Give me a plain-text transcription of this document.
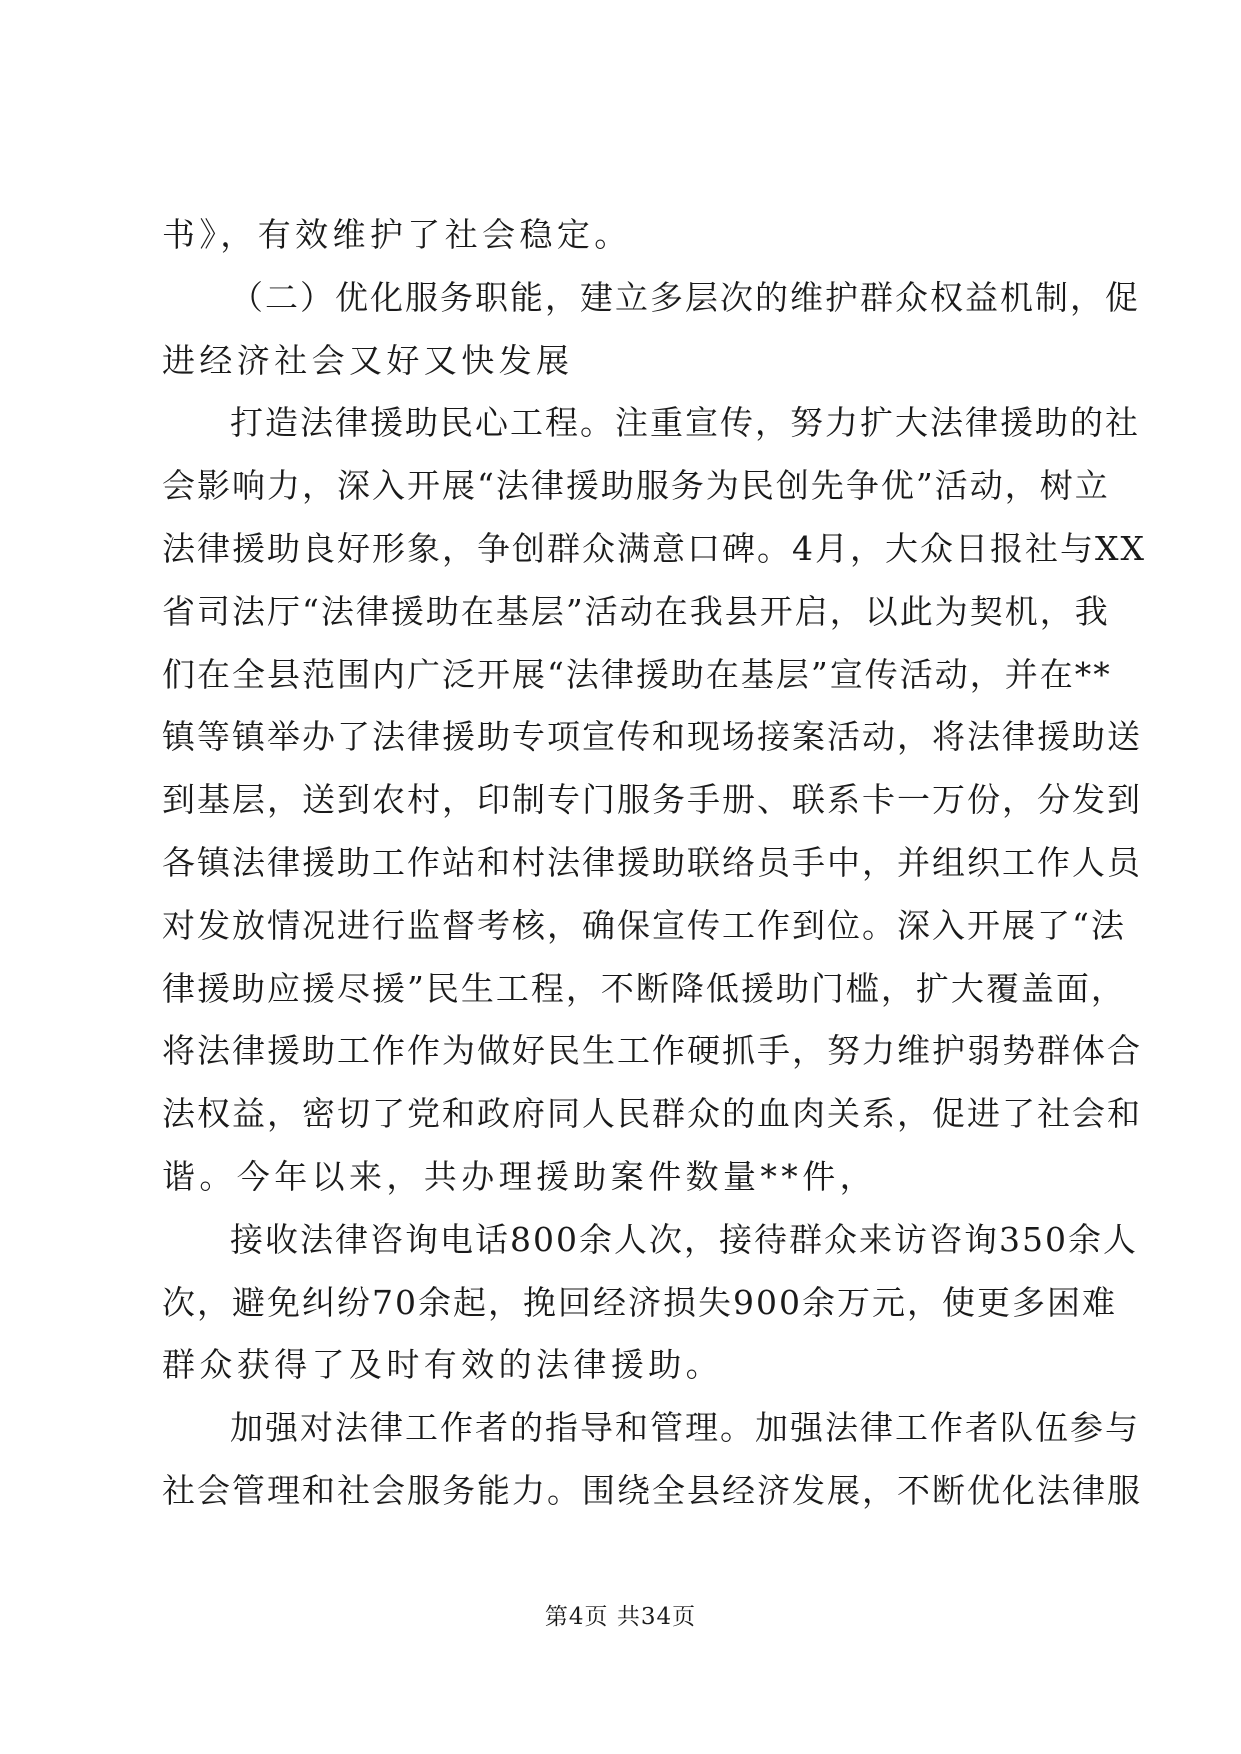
书》，有效维护了社会稳定。
（二）优化服务职能，建立多层次的维护群众权益机制，促
进经济社会又好又快发展
打造法律援助民心工程。注重宣传，努力扩大法律援助的社
会影响力，深入开展“法律援助服务为民创先争优”活动，树立
法律援助良好形象，争创群众满意口碑。4月，大众日报社与XX
省司法厅“法律援助在基层”活动在我县开启，以此为契机，我
们在全县范围内广泛开展“法律援助在基层”宣传活动，并在**
镇等镇举办了法律援助专项宣传和现场接案活动，将法律援助送
到基层，送到农村，印制专门服务手册、联系卡一万份，分发到
各镇法律援助工作站和村法律援助联络员手中，并组织工作人员
对发放情况进行监督考核，确保宣传工作到位。深入开展了“法
律援助应援尽援”民生工程，不断降低援助门槛，扩大覆盖面，
将法律援助工作作为做好民生工作硬抓手，努力维护弱势群体合
法权益，密切了党和政府同人民群众的血肉关系，促进了社会和
谐。今年以来，共办理援助案件数量**件，
接收法律咨询电话800余人次，接待群众来访咨询350余人
次，避免纠纷70余起，挽回经济损失900余万元，使更多困难
群众获得了及时有效的法律援助。
加强对法律工作者的指导和管理。加强法律工作者队伍参与
社会管理和社会服务能力。围绕全县经济发展，不断优化法律服
第4页 共34页
